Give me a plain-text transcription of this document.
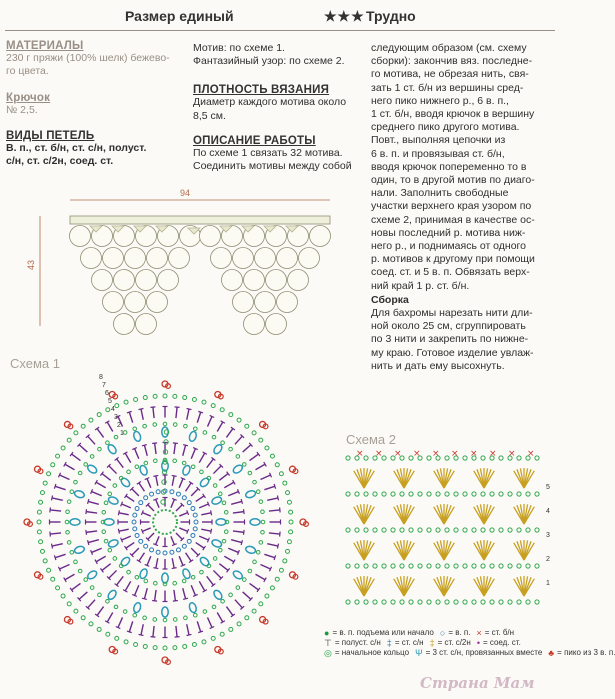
Размер единый	★★★ Трудно
МАТЕРИАЛЫ
230 г пряжи (100% шелк) бежево-
го цвета.
Крючок
№ 2,5.
ВИДЫ ПЕТЕЛЬ
В. п., ст. б/н, ст. с/н, полуст.
с/н, ст. с/2н, соед. ст.
Мотив: по схеме 1.
Фантазийный узор: по схеме 2.
ПЛОТНОСТЬ ВЯЗАНИЯ
Диаметр каждого мотива около
8,5 см.
ОПИСАНИЕ РАБОТЫ
По схеме 1 связать 32 мотива.
Соединить мотивы между собой
следующим образом (см. схему
сборки): закончив вяз. последне-
го мотива, не обрезая нить, свя-
зать 1 ст. б/н из вершины сред-
него пико нижнего р., 6 в. п.,
1 ст. б/н, вводя крючок в вершину
среднего пико другого мотива.
Повт., выполняя цепочки из
6 в. п. и провязывая ст. б/н,
вводя крючок попеременно то в
один, то в другой мотив по диаго-
нали. Заполнить свободные
участки верхнего края узором по
схеме 2, принимая в качестве ос-
новы последний р. мотива ниж-
него р., и поднимаясь от одного
р. мотивов к другому при помощи
соед. ст. и 5 в. п. Обвязать верх-
ний край 1 р. ст. б/н.
Сборка
Для бахромы нарезать нити дли-
ной около 25 см, сгруппировать
по 3 нити и закрепить по нижне-
му краю. Готовое изделие увлаж-
нить и дать ему высохнуть.
94
43
Схема 1
8
7
6
5
4
3
2
1	Схема 2
× × × × × × × × × ×
5
4
3
2
1
Страна Мам
● = в. п. подъема или начало ○ = в. п. × = ст. б/н
⊤ = полуст. с/н ‡ = ст. с/н ‡ = ст. с/2н • = соед. ст.
◎ = начальное кольцо Ψ = 3 ст. с/н, провязанных вместе ♣ = пико из 3 в. п.
